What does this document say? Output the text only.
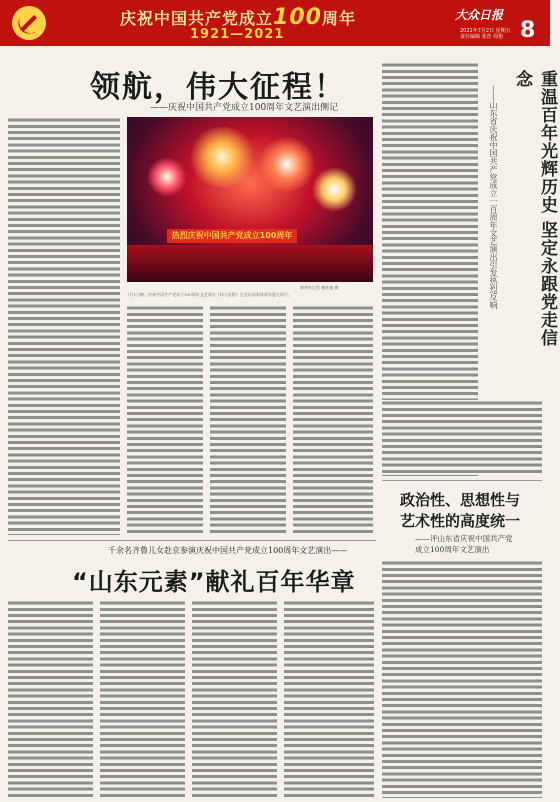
庆祝中国共产党成立100周年
1921—2021
大众日报
8
2021年7月2日 星期五
责任编辑 张浩 周艳
领航，伟大征程！
——庆祝中国共产党成立100周年文艺演出侧记
热烈庆祝中国共产党成立100周年
新华社记者 谢环驰 摄
7月1日晚，庆祝中国共产党成立100周年文艺演出《伟大征程》在北京国家体育场盛大举行。	重温百年光辉历史 坚定永跟党走信念
——山东省庆祝中国共产党成立一百周年文艺演出引发热烈反响
政治性、思想性与
艺术性的高度统一
——评山东省庆祝中国共产党
成立100周年文艺演出
千余名齐鲁儿女赴京参演庆祝中国共产党成立100周年文艺演出——
“山东元素”献礼百年华章
